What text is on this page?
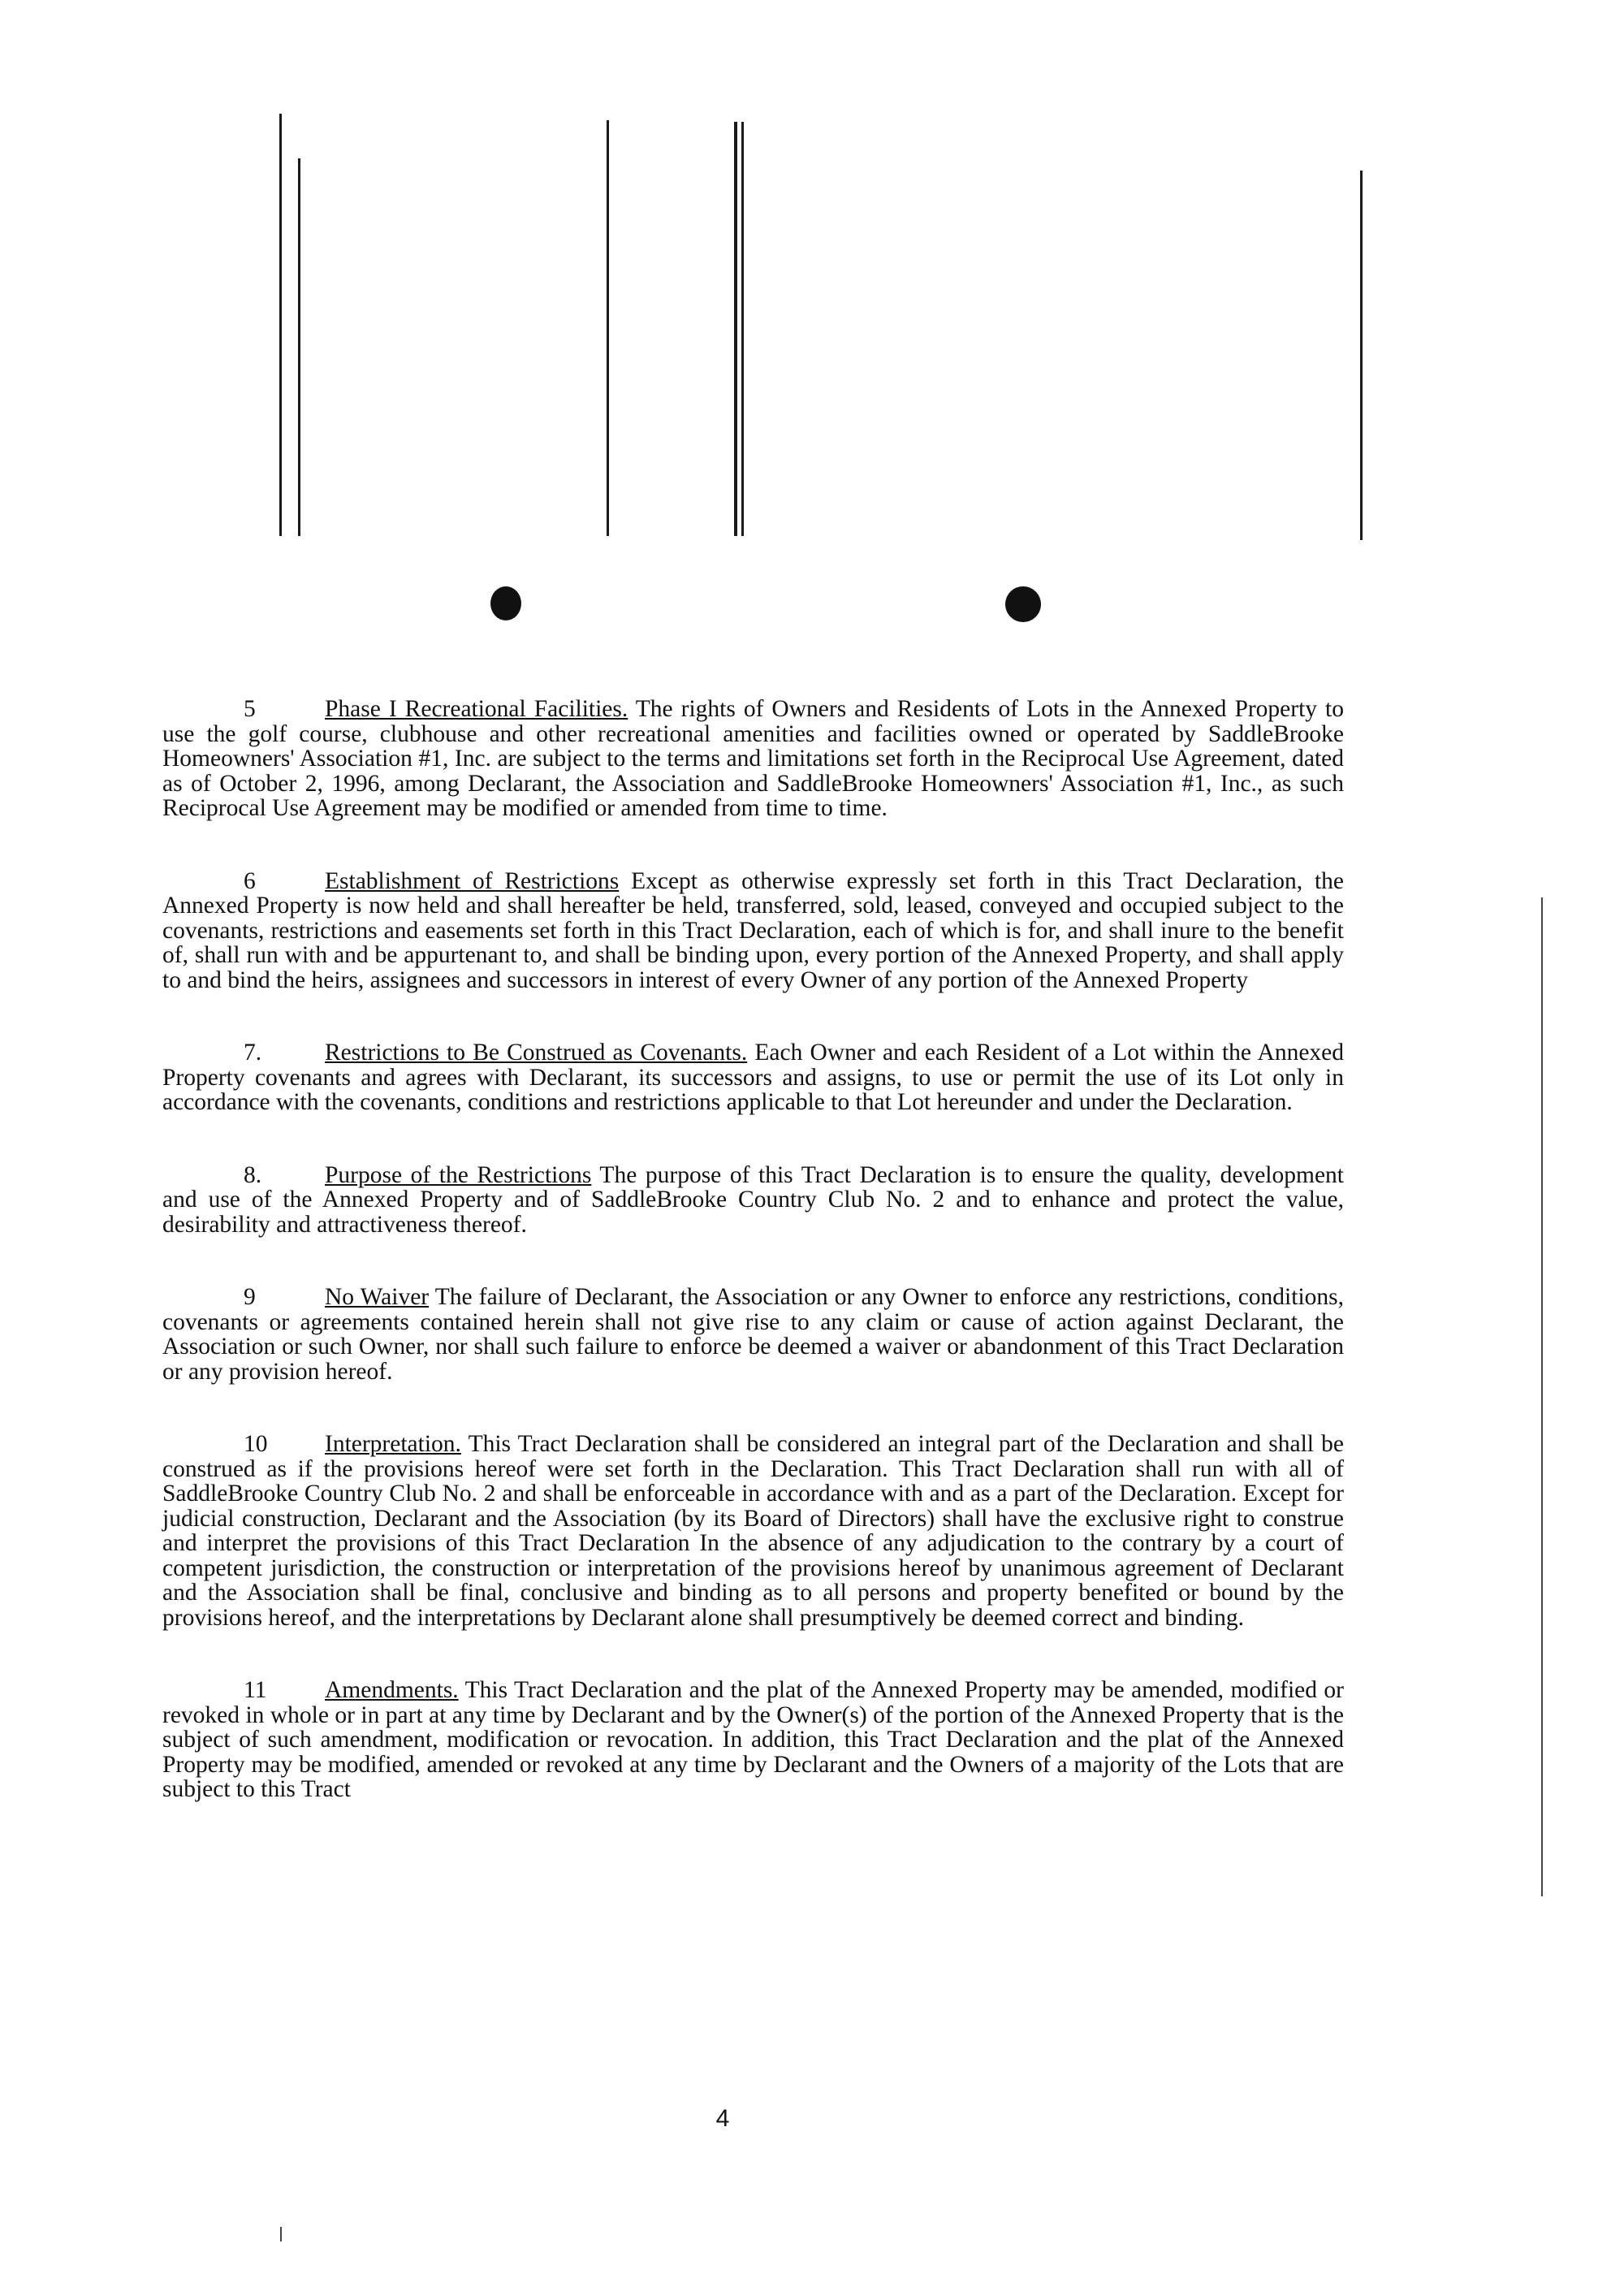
5	Phase I Recreational Facilities. The rights of Owners and Residents of Lots in the Annexed Property to use the golf course, clubhouse and other recreational amenities and facilities owned or operated by SaddleBrooke Homeowners' Association #1, Inc. are subject to the terms and limitations set forth in the Reciprocal Use Agreement, dated as of October 2, 1996, among Declarant, the Association and SaddleBrooke Homeowners' Association #1, Inc., as such Reciprocal Use Agreement may be modified or amended from time to time.

6	Establishment of Restrictions Except as otherwise expressly set forth in this Tract Declaration, the Annexed Property is now held and shall hereafter be held, transferred, sold, leased, conveyed and occupied subject to the covenants, restrictions and easements set forth in this Tract Declaration, each of which is for, and shall inure to the benefit of, shall run with and be appurtenant to, and shall be binding upon, every portion of the Annexed Property, and shall apply to and bind the heirs, assignees and successors in interest of every Owner of any portion of the Annexed Property

7.	Restrictions to Be Construed as Covenants. Each Owner and each Resident of a Lot within the Annexed Property covenants and agrees with Declarant, its successors and assigns, to use or permit the use of its Lot only in accordance with the covenants, conditions and restrictions applicable to that Lot hereunder and under the Declaration.

8.	Purpose of the Restrictions The purpose of this Tract Declaration is to ensure the quality, development and use of the Annexed Property and of SaddleBrooke Country Club No. 2 and to enhance and protect the value, desirability and attractiveness thereof.

9	No Waiver The failure of Declarant, the Association or any Owner to enforce any restrictions, conditions, covenants or agreements contained herein shall not give rise to any claim or cause of action against Declarant, the Association or such Owner, nor shall such failure to enforce be deemed a waiver or abandonment of this Tract Declaration or any provision hereof.

10 Interpretation. This Tract Declaration shall be considered an integral part of the Declaration and shall be construed as if the provisions hereof were set forth in the Declaration. This Tract Declaration shall run with all of SaddleBrooke Country Club No. 2 and shall be enforceable in accordance with and as a part of the Declaration. Except for judicial construction, Declarant and the Association (by its Board of Directors) shall have the exclusive right to construe and interpret the provisions of this Tract Declaration In the absence of any adjudication to the contrary by a court of competent jurisdiction, the construction or interpretation of the provisions hereof by unanimous agreement of Declarant and the Association shall be final, conclusive and binding as to all persons and property benefited or bound by the provisions hereof, and the interpretations by Declarant alone shall presumptively be deemed correct and binding.

11 Amendments. This Tract Declaration and the plat of the Annexed Property may be amended, modified or revoked in whole or in part at any time by Declarant and by the Owner(s) of the portion of the Annexed Property that is the subject of such amendment, modification or revocation. In addition, this Tract Declaration and the plat of the Annexed Property may be modified, amended or revoked at any time by Declarant and the Owners of a majority of the Lots that are subject to this Tract

4
